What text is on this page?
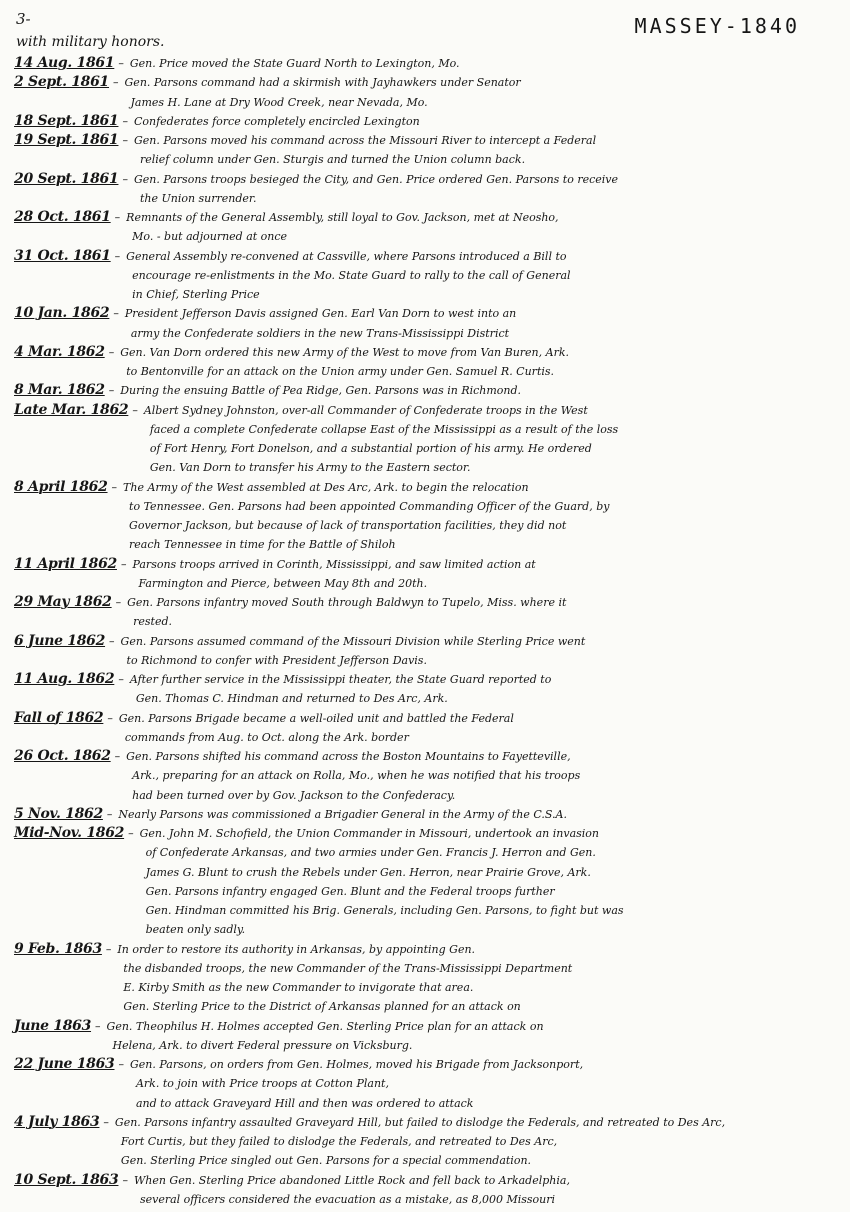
3-	MASSEY-1840
with military honors.
14 Aug. 1861 – Gen. Price moved the State Guard North to Lexington, Mo.
2 Sept. 1861 – Gen. Parsons command had a skirmish with Jayhawkers under Senator
James H. Lane at Dry Wood Creek, near Nevada, Mo.
18 Sept. 1861 – Confederates force completely encircled Lexington
19 Sept. 1861 – Gen. Parsons moved his command across the Missouri River to intercept a Federal
relief column under Gen. Sturgis and turned the Union column back.
20 Sept. 1861 – Gen. Parsons troops besieged the City, and Gen. Price ordered Gen. Parsons to receive
the Union surrender.
28 Oct. 1861 – Remnants of the General Assembly, still loyal to Gov. Jackson, met at Neosho,
Mo. - but adjourned at once
31 Oct. 1861 – General Assembly re-convened at Cassville, where Parsons introduced a Bill to
encourage re-enlistments in the Mo. State Guard to rally to the call of General
in Chief, Sterling Price
10 Jan. 1862 – President Jefferson Davis assigned Gen. Earl Van Dorn to west into an
army the Confederate soldiers in the new Trans-Mississippi District
4 Mar. 1862 – Gen. Van Dorn ordered this new Army of the West to move from Van Buren, Ark.
to Bentonville for an attack on the Union army under Gen. Samuel R. Curtis.
8 Mar. 1862 – During the ensuing Battle of Pea Ridge, Gen. Parsons was in Richmond.
Late Mar. 1862 – Albert Sydney Johnston, over-all Commander of Confederate troops in the West
faced a complete Confederate collapse East of the Mississippi as a result of the loss
of Fort Henry, Fort Donelson, and a substantial portion of his army. He ordered
Gen. Van Dorn to transfer his Army to the Eastern sector.
8 April 1862 – The Army of the West assembled at Des Arc, Ark. to begin the relocation
to Tennessee. Gen. Parsons had been appointed Commanding Officer of the Guard, by
Governor Jackson, but because of lack of transportation facilities, they did not
reach Tennessee in time for the Battle of Shiloh
11 April 1862 – Parsons troops arrived in Corinth, Mississippi, and saw limited action at
Farmington and Pierce, between May 8th and 20th.
29 May 1862 – Gen. Parsons infantry moved South through Baldwyn to Tupelo, Miss. where it
rested.
6 June 1862 – Gen. Parsons assumed command of the Missouri Division while Sterling Price went
to Richmond to confer with President Jefferson Davis.
11 Aug. 1862 – After further service in the Mississippi theater, the State Guard reported to
Gen. Thomas C. Hindman and returned to Des Arc, Ark.
Fall of 1862 – Gen. Parsons Brigade became a well-oiled unit and battled the Federal
commands from Aug. to Oct. along the Ark. border
26 Oct. 1862 – Gen. Parsons shifted his command across the Boston Mountains to Fayetteville,
Ark., preparing for an attack on Rolla, Mo., when he was notified that his troops
had been turned over by Gov. Jackson to the Confederacy.
5 Nov. 1862 – Nearly Parsons was commissioned a Brigadier General in the Army of the C.S.A.
Mid-Nov. 1862 – Gen. John M. Schofield, the Union Commander in Missouri, undertook an invasion
of Confederate Arkansas, and two armies under Gen. Francis J. Herron and Gen.
James G. Blunt to crush the Rebels under Gen. Herron, near Prairie Grove, Ark.
Gen. Parsons infantry engaged Gen. Blunt and the Federal troops further
Gen. Hindman committed his Brig. Generals, including Gen. Parsons, to fight but was
beaten only sadly.
9 Feb. 1863 – In order to restore its authority in Arkansas, by appointing Gen.
the disbanded troops, the new Commander of the Trans-Mississippi Department
E. Kirby Smith as the new Commander to invigorate that area.
Gen. Sterling Price to the District of Arkansas planned for an attack on
June 1863 – Gen. Theophilus H. Holmes accepted Gen. Sterling Price plan for an attack on
Helena, Ark. to divert Federal pressure on Vicksburg.
22 June 1863 – Gen. Parsons, on orders from Gen. Holmes, moved his Brigade from Jacksonport,
Ark. to join with Price troops at Cotton Plant,
and to attack Graveyard Hill and then was ordered to attack
4 July 1863 – Gen. Parsons infantry assaulted Graveyard Hill, but failed to dislodge the Federals, and retreated to Des Arc,
Fort Curtis, but they failed to dislodge the Federals, and retreated to Des Arc,
Gen. Sterling Price singled out Gen. Parsons for a special commendation.
10 Sept. 1863 – When Gen. Sterling Price abandoned Little Rock and fell back to Arkadelphia,
several officers considered the evacuation as a mistake, as 8,000 Missouri
